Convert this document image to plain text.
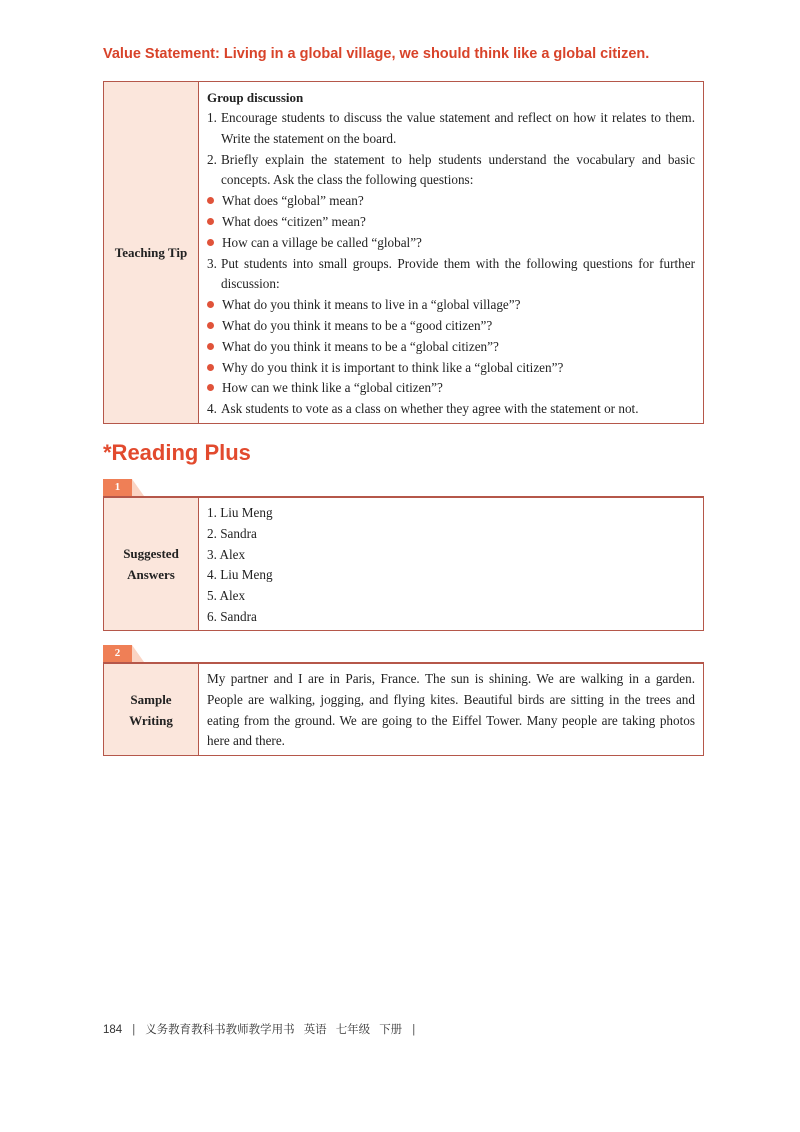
Value Statement: Living in a global village, we should think like a global citizen.
Teaching Tip
Group discussion
1. Encourage students to discuss the value statement and reflect on how it relates to them. Write the statement on the board.
2. Briefly explain the statement to help students understand the vocabulary and basic concepts. Ask the class the following questions:
What does “global” mean?
What does “citizen” mean?
How can a village be called “global”?
3. Put students into small groups. Provide them with the following questions for further discussion:
What do you think it means to live in a “global village”?
What do you think it means to be a “good citizen”?
What do you think it means to be a “global citizen”?
Why do you think it is important to think like a “global citizen”?
How can we think like a “global citizen”?
4. Ask students to vote as a class on whether they agree with the statement or not.
*Reading Plus
1
Suggested
Answers
1. Liu Meng
2. Sandra
3. Alex
4. Liu Meng
5. Alex
6. Sandra
2
Sample
Writing
My partner and I are in Paris, France. The sun is shining. We are walking in a garden. People are walking, jogging, and flying kites. Beautiful birds are sitting in the trees and eating from the ground. We are going to the Eiffel Tower. Many people are taking photos here and there.
184 | 义务教育教科书教师教学用书 英语 七年级 下册 |
